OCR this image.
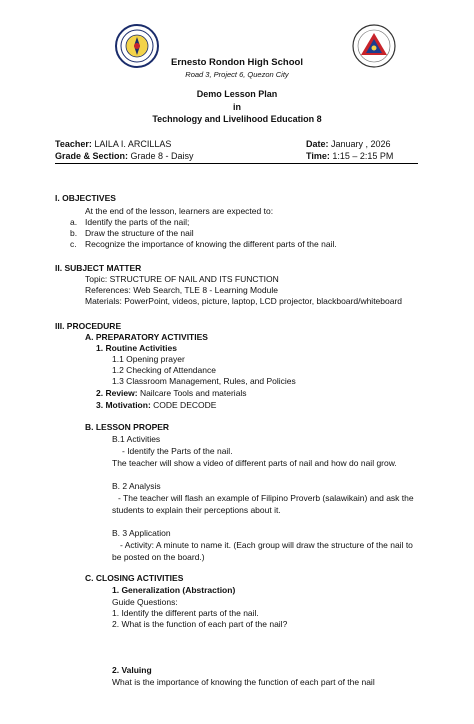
Ernesto Rondon High School
Road 3, Project 6, Quezon City
Demo Lesson Plan
in
Technology and Livelihood Education 8
Teacher: LAILA I. ARCILLAS
Grade & Section: Grade 8 - Daisy
Date: January , 2026
Time: 1:15 – 2:15 PM
I. OBJECTIVES
At the end of the lesson, learners are expected to:
a. Identify the parts of the nail;
b. Draw the structure of the nail
c. Recognize the importance of knowing the different parts of the nail.
II. SUBJECT MATTER
Topic: STRUCTURE OF NAIL AND ITS FUNCTION
References: Web Search, TLE 8 - Learning Module
Materials: PowerPoint, videos, picture, laptop, LCD projector, blackboard/whiteboard
III. PROCEDURE
A. PREPARATORY ACTIVITIES
1. Routine Activities
1.1 Opening prayer
1.2 Checking of Attendance
1.3 Classroom Management, Rules, and Policies
2. Review: Nailcare Tools and materials
3. Motivation: CODE DECODE
B. LESSON PROPER
B.1 Activities
- Identify the Parts of the nail.
The teacher will show a video of different parts of nail and how do nail grow.
B. 2 Analysis
- The teacher will flash an example of Filipino Proverb (salawikain) and ask the
students to explain their perceptions about it.
B. 3 Application
- Activity: A minute to name it. (Each group will draw the structure of the nail to
be posted on the board.)
C. CLOSING ACTIVITIES
1. Generalization (Abstraction)
Guide Questions:
1. Identify the different parts of the nail.
2. What is the function of each part of the nail?
2. Valuing
What is the importance of knowing the function of each part of the nail
